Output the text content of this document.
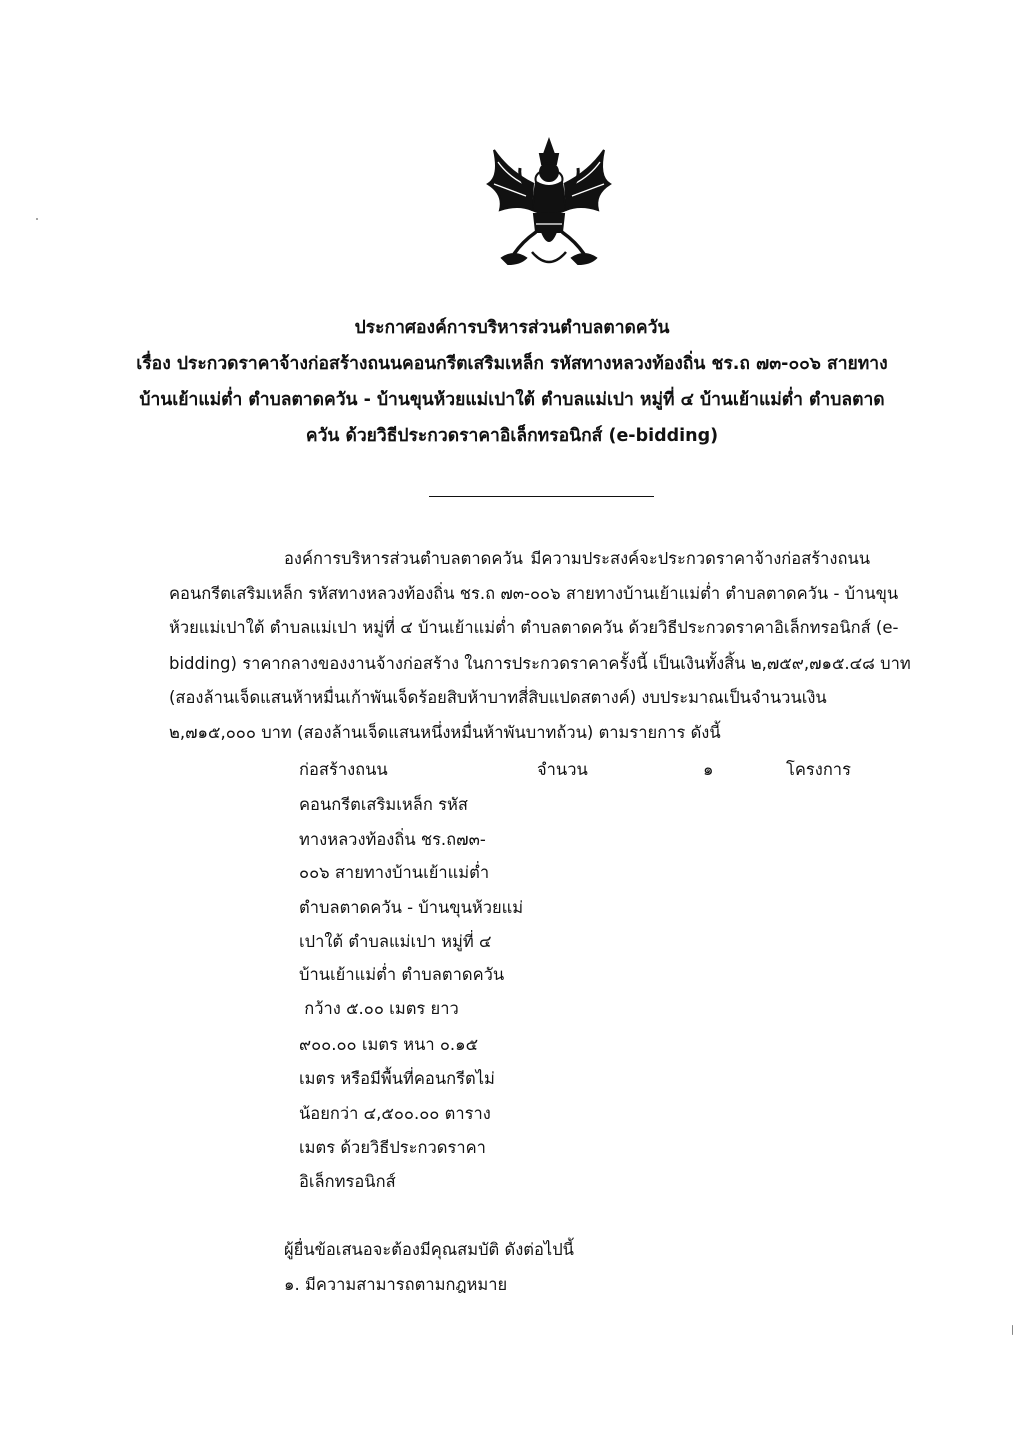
ประกาศองค์การบริหารส่วนตำบลตาดควัน
เรื่อง ประกวดราคาจ้างก่อสร้างถนนคอนกรีตเสริมเหล็ก รหัสทางหลวงท้องถิ่น ชร.ถ ๗๓-๐๐๖ สายทาง
บ้านเย้าแม่ต่ำ ตำบลตาดควัน - บ้านขุนห้วยแม่เปาใต้ ตำบลแม่เปา หมู่ที่ ๔ บ้านเย้าแม่ต่ำ ตำบลตาด
ควัน ด้วยวิธีประกวดราคาอิเล็กทรอนิกส์ (e-bidding)
องค์การบริหารส่วนตำบลตาดควัน มีความประสงค์จะประกวดราคาจ้างก่อสร้างถนน
คอนกรีตเสริมเหล็ก รหัสทางหลวงท้องถิ่น ชร.ถ ๗๓-๐๐๖ สายทางบ้านเย้าแม่ต่ำ ตำบลตาดควัน - บ้านขุน
ห้วยแม่เปาใต้ ตำบลแม่เปา หมู่ที่ ๔ บ้านเย้าแม่ต่ำ ตำบลตาดควัน ด้วยวิธีประกวดราคาอิเล็กทรอนิกส์ (e-
bidding) ราคากลางของงานจ้างก่อสร้าง ในการประกวดราคาครั้งนี้ เป็นเงินทั้งสิ้น ๒,๗๕๙,๗๑๕.๔๘ บาท
(สองล้านเจ็ดแสนห้าหมื่นเก้าพันเจ็ดร้อยสิบห้าบาทสี่สิบแปดสตางค์) งบประมาณเป็นจำนวนเงิน
๒,๗๑๕,๐๐๐ บาท (สองล้านเจ็ดแสนหนึ่งหมื่นห้าพันบาทถ้วน) ตามรายการ ดังนี้
ก่อสร้างถนน
คอนกรีตเสริมเหล็ก รหัส
ทางหลวงท้องถิ่น ชร.ถ๗๓-
๐๐๖ สายทางบ้านเย้าแม่ต่ำ
ตำบลตาดควัน - บ้านขุนห้วยแม่
เปาใต้ ตำบลแม่เปา หมู่ที่ ๔
บ้านเย้าแม่ต่ำ ตำบลตาดควัน
กว้าง ๕.๐๐ เมตร ยาว
๙๐๐.๐๐ เมตร หนา ๐.๑๕
เมตร หรือมีพื้นที่คอนกรีตไม่
น้อยกว่า ๔,๕๐๐.๐๐ ตาราง
เมตร ด้วยวิธีประกวดราคา
อิเล็กทรอนิกส์
จำนวน	๑	โครงการ
ผู้ยื่นข้อเสนอจะต้องมีคุณสมบัติ ดังต่อไปนี้
๑. มีความสามารถตามกฎหมาย
